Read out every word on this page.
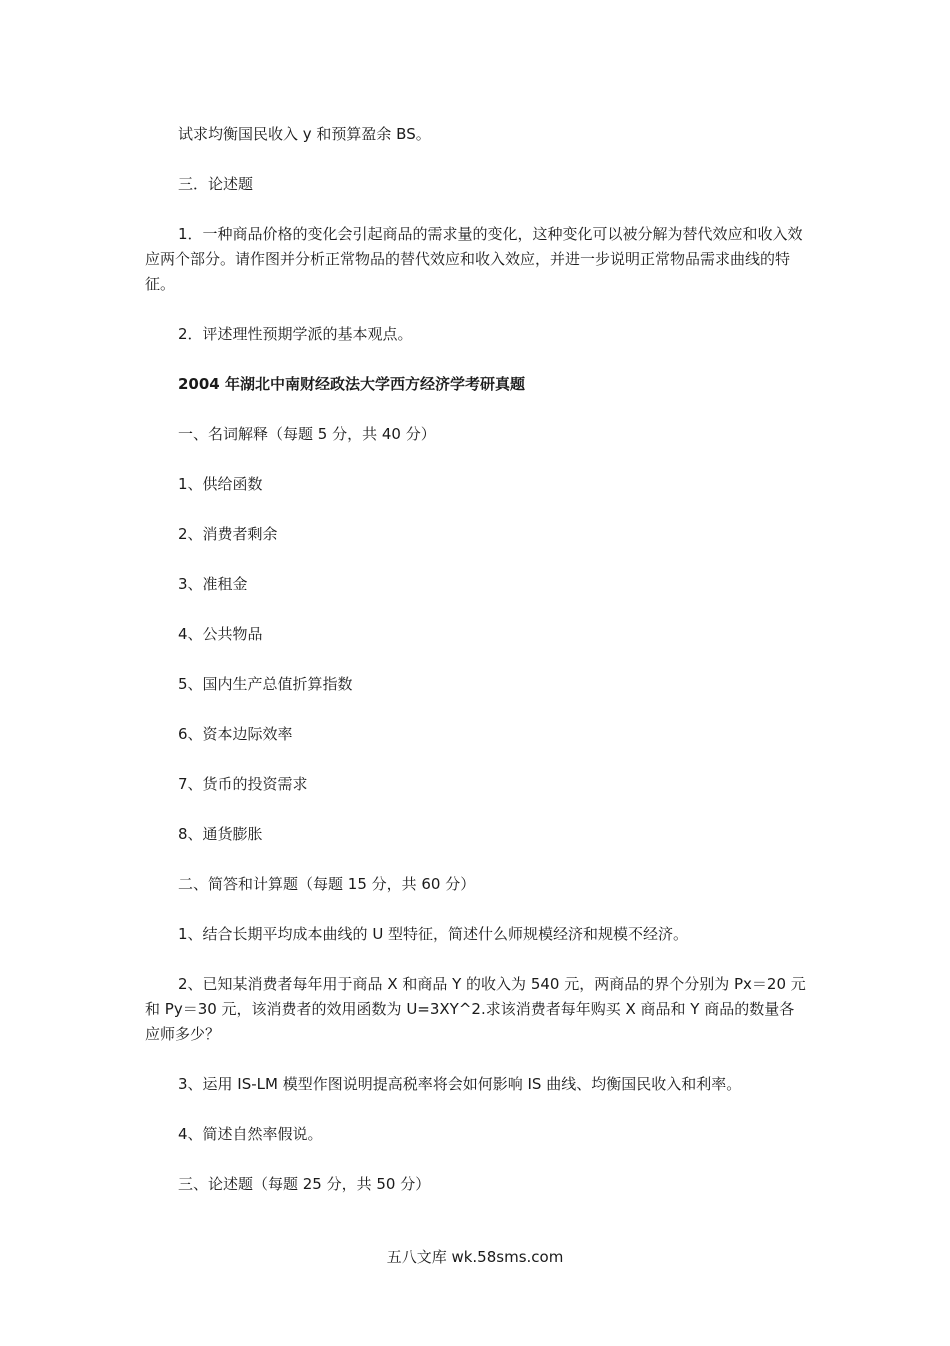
试求均衡国民收入 y 和预算盈余 BS。

三．论述题

1．一种商品价格的变化会引起商品的需求量的变化，这种变化可以被分解为替代效应和收入效应两个部分。请作图并分析正常物品的替代效应和收入效应，并进一步说明正常物品需求曲线的特征。

2．评述理性预期学派的基本观点。

2004 年湖北中南财经政法大学西方经济学考研真题

一、名词解释（每题 5 分，共 40 分）

1、供给函数

2、消费者剩余

3、准租金

4、公共物品

5、国内生产总值折算指数

6、资本边际效率

7、货币的投资需求

8、通货膨胀

二、简答和计算题（每题 15 分，共 60 分）

1、结合长期平均成本曲线的 U 型特征，简述什么师规模经济和规模不经济。

2、已知某消费者每年用于商品 X 和商品 Y 的收入为 540 元，两商品的界个分别为 Px＝20 元和 Py＝30 元，该消费者的效用函数为 U=3XY^2.求该消费者每年购买 X 商品和 Y 商品的数量各应师多少？

3、运用 IS-LM 模型作图说明提高税率将会如何影响 IS 曲线、均衡国民收入和利率。

4、简述自然率假说。

三、论述题（每题 25 分，共 50 分）

五八文库 wk.58sms.com
